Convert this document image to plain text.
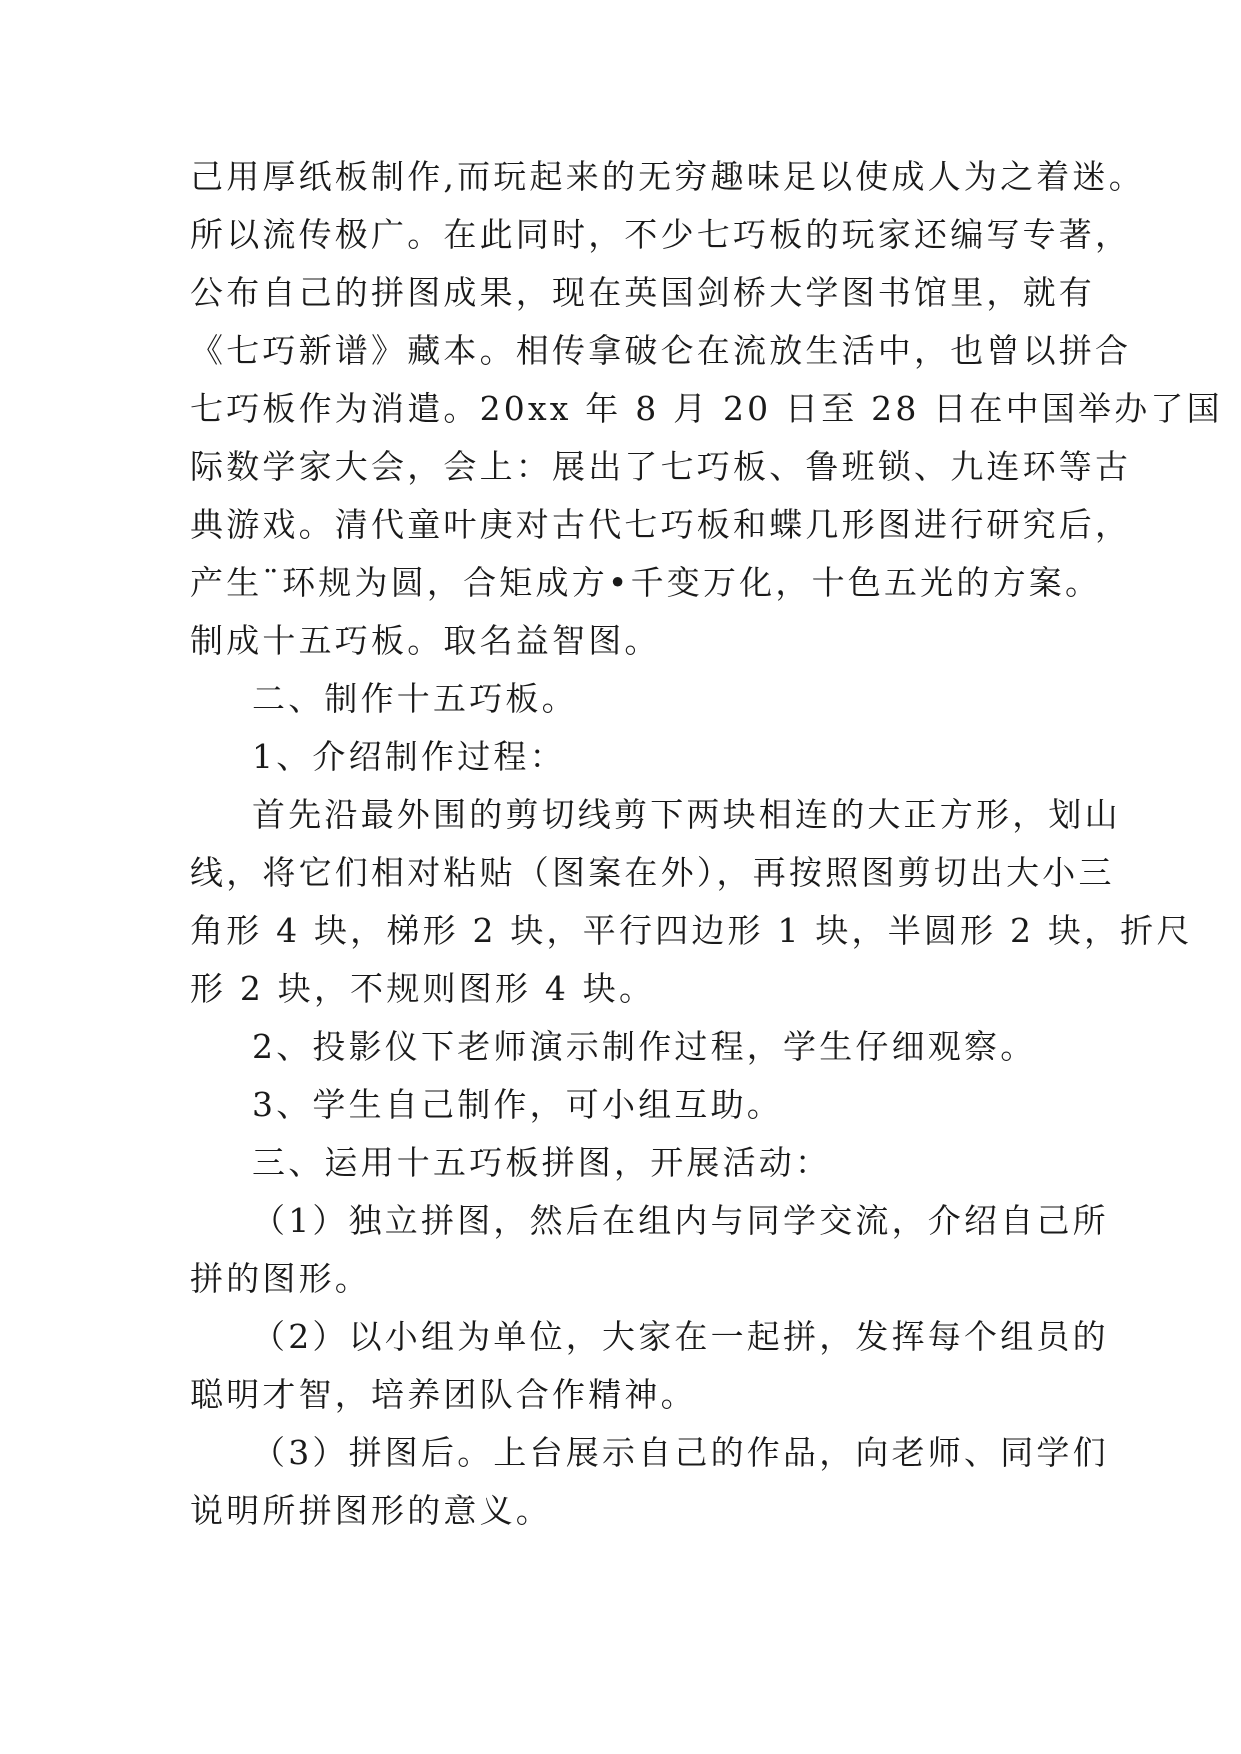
己用厚纸板制作,而玩起来的无穷趣味足以使成人为之着迷。
所以流传极广。在此同时，不少七巧板的玩家还编写专著，
公布自己的拼图成果，现在英国剑桥大学图书馆里，就有
《七巧新谱》藏本。相传拿破仑在流放生活中，也曾以拼合
七巧板作为消遣。20xx 年 8 月 20 日至 28 日在中国举办了国
际数学家大会，会上：展出了七巧板、鲁班锁、九连环等古
典游戏。清代童叶庚对古代七巧板和蝶几形图进行研究后，
产生¨环规为圆，合矩成方•千变万化，十色五光的方案。
制成十五巧板。取名益智图。
二、制作十五巧板。
1、介绍制作过程：
首先沿最外围的剪切线剪下两块相连的大正方形，划山
线，将它们相对粘贴（图案在外），再按照图剪切出大小三
角形 4 块，梯形 2 块，平行四边形 1 块，半圆形 2 块，折尺
形 2 块，不规则图形 4 块。
2、投影仪下老师演示制作过程，学生仔细观察。
3、学生自己制作，可小组互助。
三、运用十五巧板拼图，开展活动：
（1）独立拼图，然后在组内与同学交流，介绍自己所
拼的图形。
（2）以小组为单位，大家在一起拼，发挥每个组员的
聪明才智，培养团队合作精神。
（3）拼图后。上台展示自己的作品，向老师、同学们
说明所拼图形的意义。
